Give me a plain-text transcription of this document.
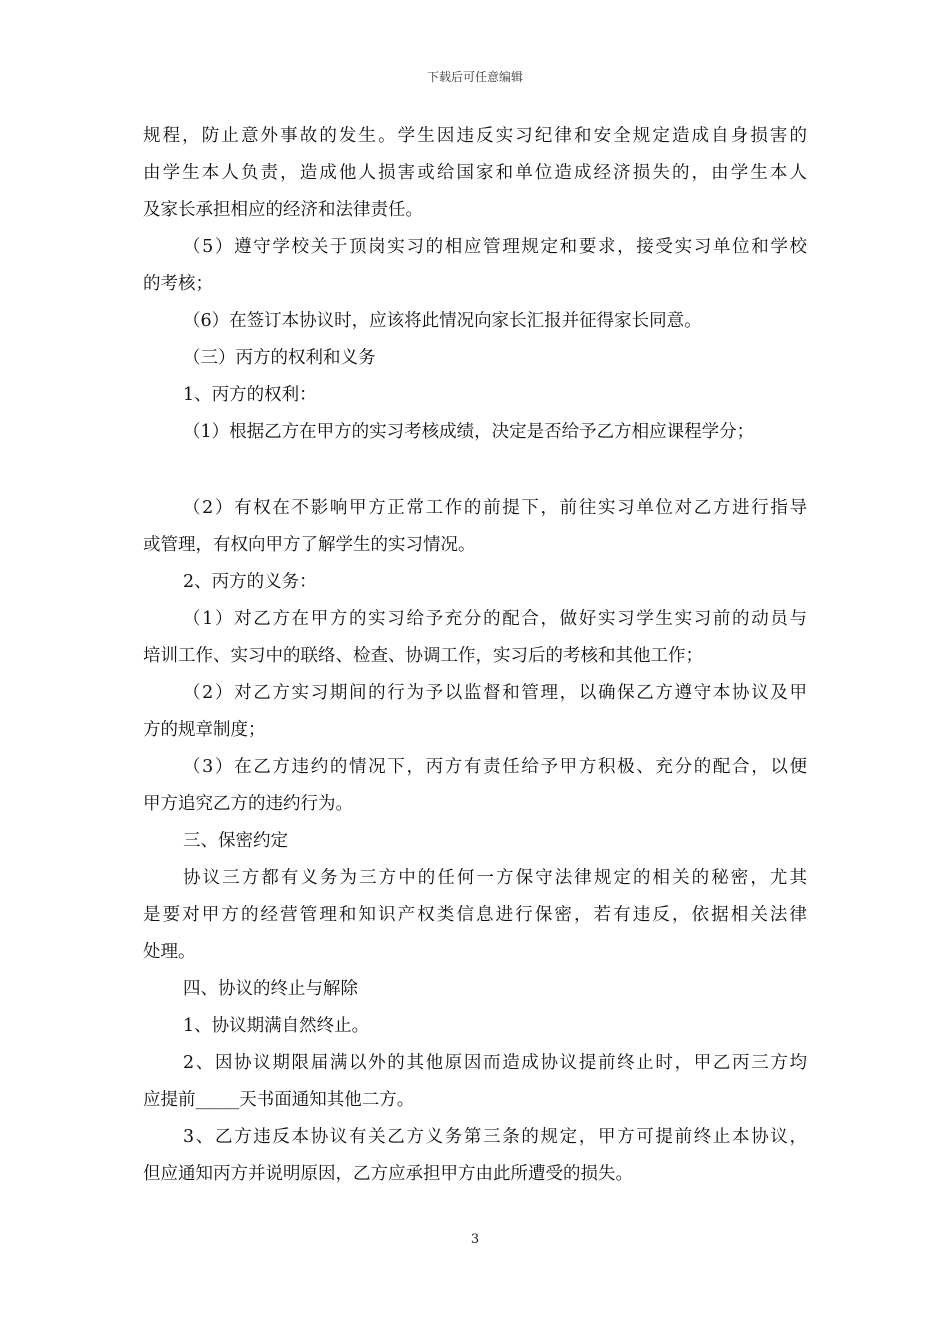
下载后可任意编辑
规程，防止意外事故的发生。学生因违反实习纪律和安全规定造成自身损害的
由学生本人负责，造成他人损害或给国家和单位造成经济损失的，由学生本人
及家长承担相应的经济和法律责任。
（5）遵守学校关于顶岗实习的相应管理规定和要求，接受实习单位和学校
的考核；
（6）在签订本协议时，应该将此情况向家长汇报并征得家长同意。
（三）丙方的权利和义务
1、丙方的权利：
（1）根据乙方在甲方的实习考核成绩，决定是否给予乙方相应课程学分；
（2）有权在不影响甲方正常工作的前提下，前往实习单位对乙方进行指导
或管理，有权向甲方了解学生的实习情况。
2、丙方的义务：
（1）对乙方在甲方的实习给予充分的配合，做好实习学生实习前的动员与
培训工作、实习中的联络、检查、协调工作，实习后的考核和其他工作；
（2）对乙方实习期间的行为予以监督和管理，以确保乙方遵守本协议及甲
方的规章制度；
（3）在乙方违约的情况下，丙方有责任给予甲方积极、充分的配合，以便
甲方追究乙方的违约行为。
三、保密约定
协议三方都有义务为三方中的任何一方保守法律规定的相关的秘密，尤其
是要对甲方的经营管理和知识产权类信息进行保密，若有违反，依据相关法律
处理。
四、协议的终止与解除
1、协议期满自然终止。
2、因协议期限届满以外的其他原因而造成协议提前终止时，甲乙丙三方均
应提前_____天书面通知其他二方。
3、乙方违反本协议有关乙方义务第三条的规定，甲方可提前终止本协议，
但应通知丙方并说明原因，乙方应承担甲方由此所遭受的损失。
3
